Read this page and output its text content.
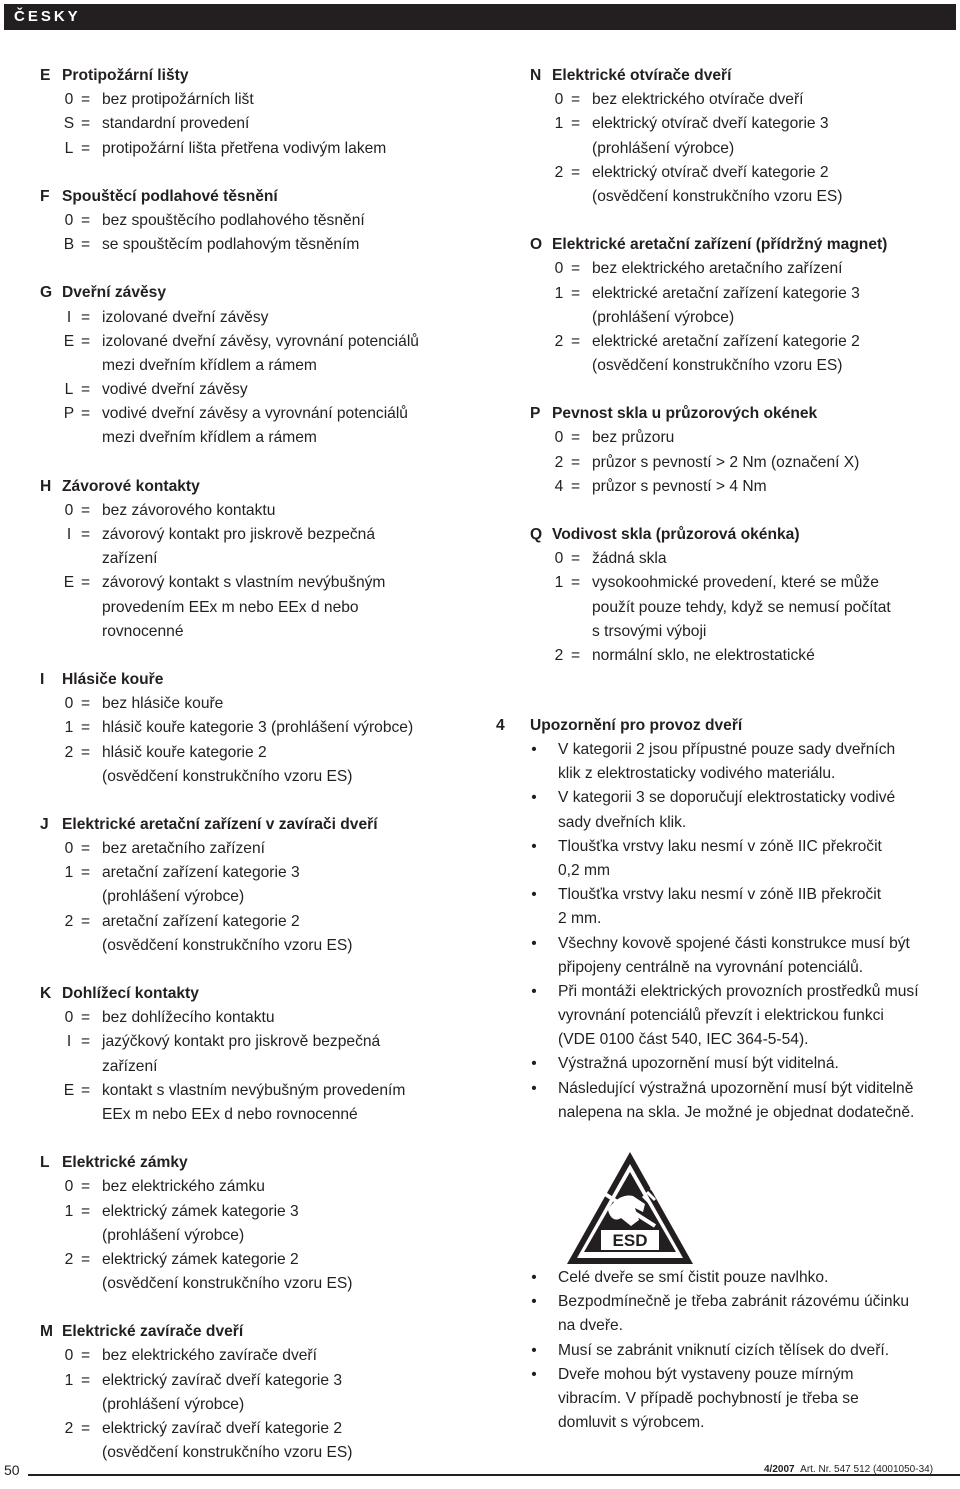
ČESKY
E Protipožární lišty
0 = bez protipožárních lišt
S = standardní provedení
L = protipožární lišta přetřena vodivým lakem
F Spouštěcí podlahové těsnění
0 = bez spouštěcího podlahového těsnění
B = se spouštěcím podlahovým těsněním
G Dveřní závěsy
I = izolované dveřní závěsy
E = izolované dveřní závěsy, vyrovnání potenciálů
mezi dveřním křídlem a rámem
L = vodivé dveřní závěsy
P = vodivé dveřní závěsy a vyrovnání potenciálů
mezi dveřním křídlem a rámem
H Závorové kontakty
0 = bez závorového kontaktu
I = závorový kontakt pro jiskrově bezpečná
zařízení
E = závorový kontakt s vlastním nevýbušným
provedením EEx m nebo EEx d nebo
rovnocenné
I Hlásiče kouře
0 = bez hlásiče kouře
1 = hlásič kouře kategorie 3 (prohlášení výrobce)
2 = hlásič kouře kategorie 2
(osvědčení konstrukčního vzoru ES)
J Elektrické aretační zařízení v zavírači dveří
0 = bez aretačního zařízení
1 = aretační zařízení kategorie 3
(prohlášení výrobce)
2 = aretační zařízení kategorie 2
(osvědčení konstrukčního vzoru ES)
K Dohlížecí kontakty
0 = bez dohlížecího kontaktu
I = jazýčkový kontakt pro jiskrově bezpečná
zařízení
E = kontakt s vlastním nevýbušným provedením
EEx m nebo EEx d nebo rovnocenné
L Elektrické zámky
0 = bez elektrického zámku
1 = elektrický zámek kategorie 3
(prohlášení výrobce)
2 = elektrický zámek kategorie 2
(osvědčení konstrukčního vzoru ES)
M Elektrické zavírače dveří
0 = bez elektrického zavírače dveří
1 = elektrický zavírač dveří kategorie 3
(prohlášení výrobce)
2 = elektrický zavírač dveří kategorie 2
(osvědčení konstrukčního vzoru ES)
N Elektrické otvírače dveří
0 = bez elektrického otvírače dveří
1 = elektrický otvírač dveří kategorie 3
(prohlášení výrobce)
2 = elektrický otvírač dveří kategorie 2
(osvědčení konstrukčního vzoru ES)
O Elektrické aretační zařízení (přídržný magnet)
0 = bez elektrického aretačního zařízení
1 = elektrické aretační zařízení kategorie 3
(prohlášení výrobce)
2 = elektrické aretační zařízení kategorie 2
(osvědčení konstrukčního vzoru ES)
P Pevnost skla u průzorových okének
0 = bez průzoru
2 = průzor s pevností > 2 Nm (označení X)
4 = průzor s pevností > 4 Nm
Q Vodivost skla (průzorová okénka)
0 = žádná skla
1 = vysokoohmické provedení, které se může
použít pouze tehdy, když se nemusí počítat
s trsovými výboji
2 = normální sklo, ne elektrostatické
4 Upozornění pro provoz dveří
• V kategorii 2 jsou přípustné pouze sady dveřních
klik z elektrostaticky vodivého materiálu.
• V kategorii 3 se doporučují elektrostaticky vodivé
sady dveřních klik.
• Tloušťka vrstvy laku nesmí v zóně IIC překročit
0,2 mm
• Tloušťka vrstvy laku nesmí v zóně IIB překročit
2 mm.
• Všechny kovově spojené části konstrukce musí být
připojeny centrálně na vyrovnání potenciálů.
• Při montáži elektrických provozních prostředků musí
vyrovnání potenciálů převzít i elektrickou funkci
(VDE 0100 část 540, IEC 364-5-54).
• Výstražná upozornění musí být viditelná.
• Následující výstražná upozornění musí být viditelně
nalepena na skla. Je možné je objednat dodatečně.
ESD
• Celé dveře se smí čistit pouze navlhko.
• Bezpodmínečně je třeba zabránit rázovému účinku
na dveře.
• Musí se zabránit vniknutí cizích tělísek do dveří.
• Dveře mohou být vystaveny pouze mírným
vibracím. V případě pochybností je třeba se
domluvit s výrobcem.
50	4/2007 Art. Nr. 547 512 (4001050-34)
